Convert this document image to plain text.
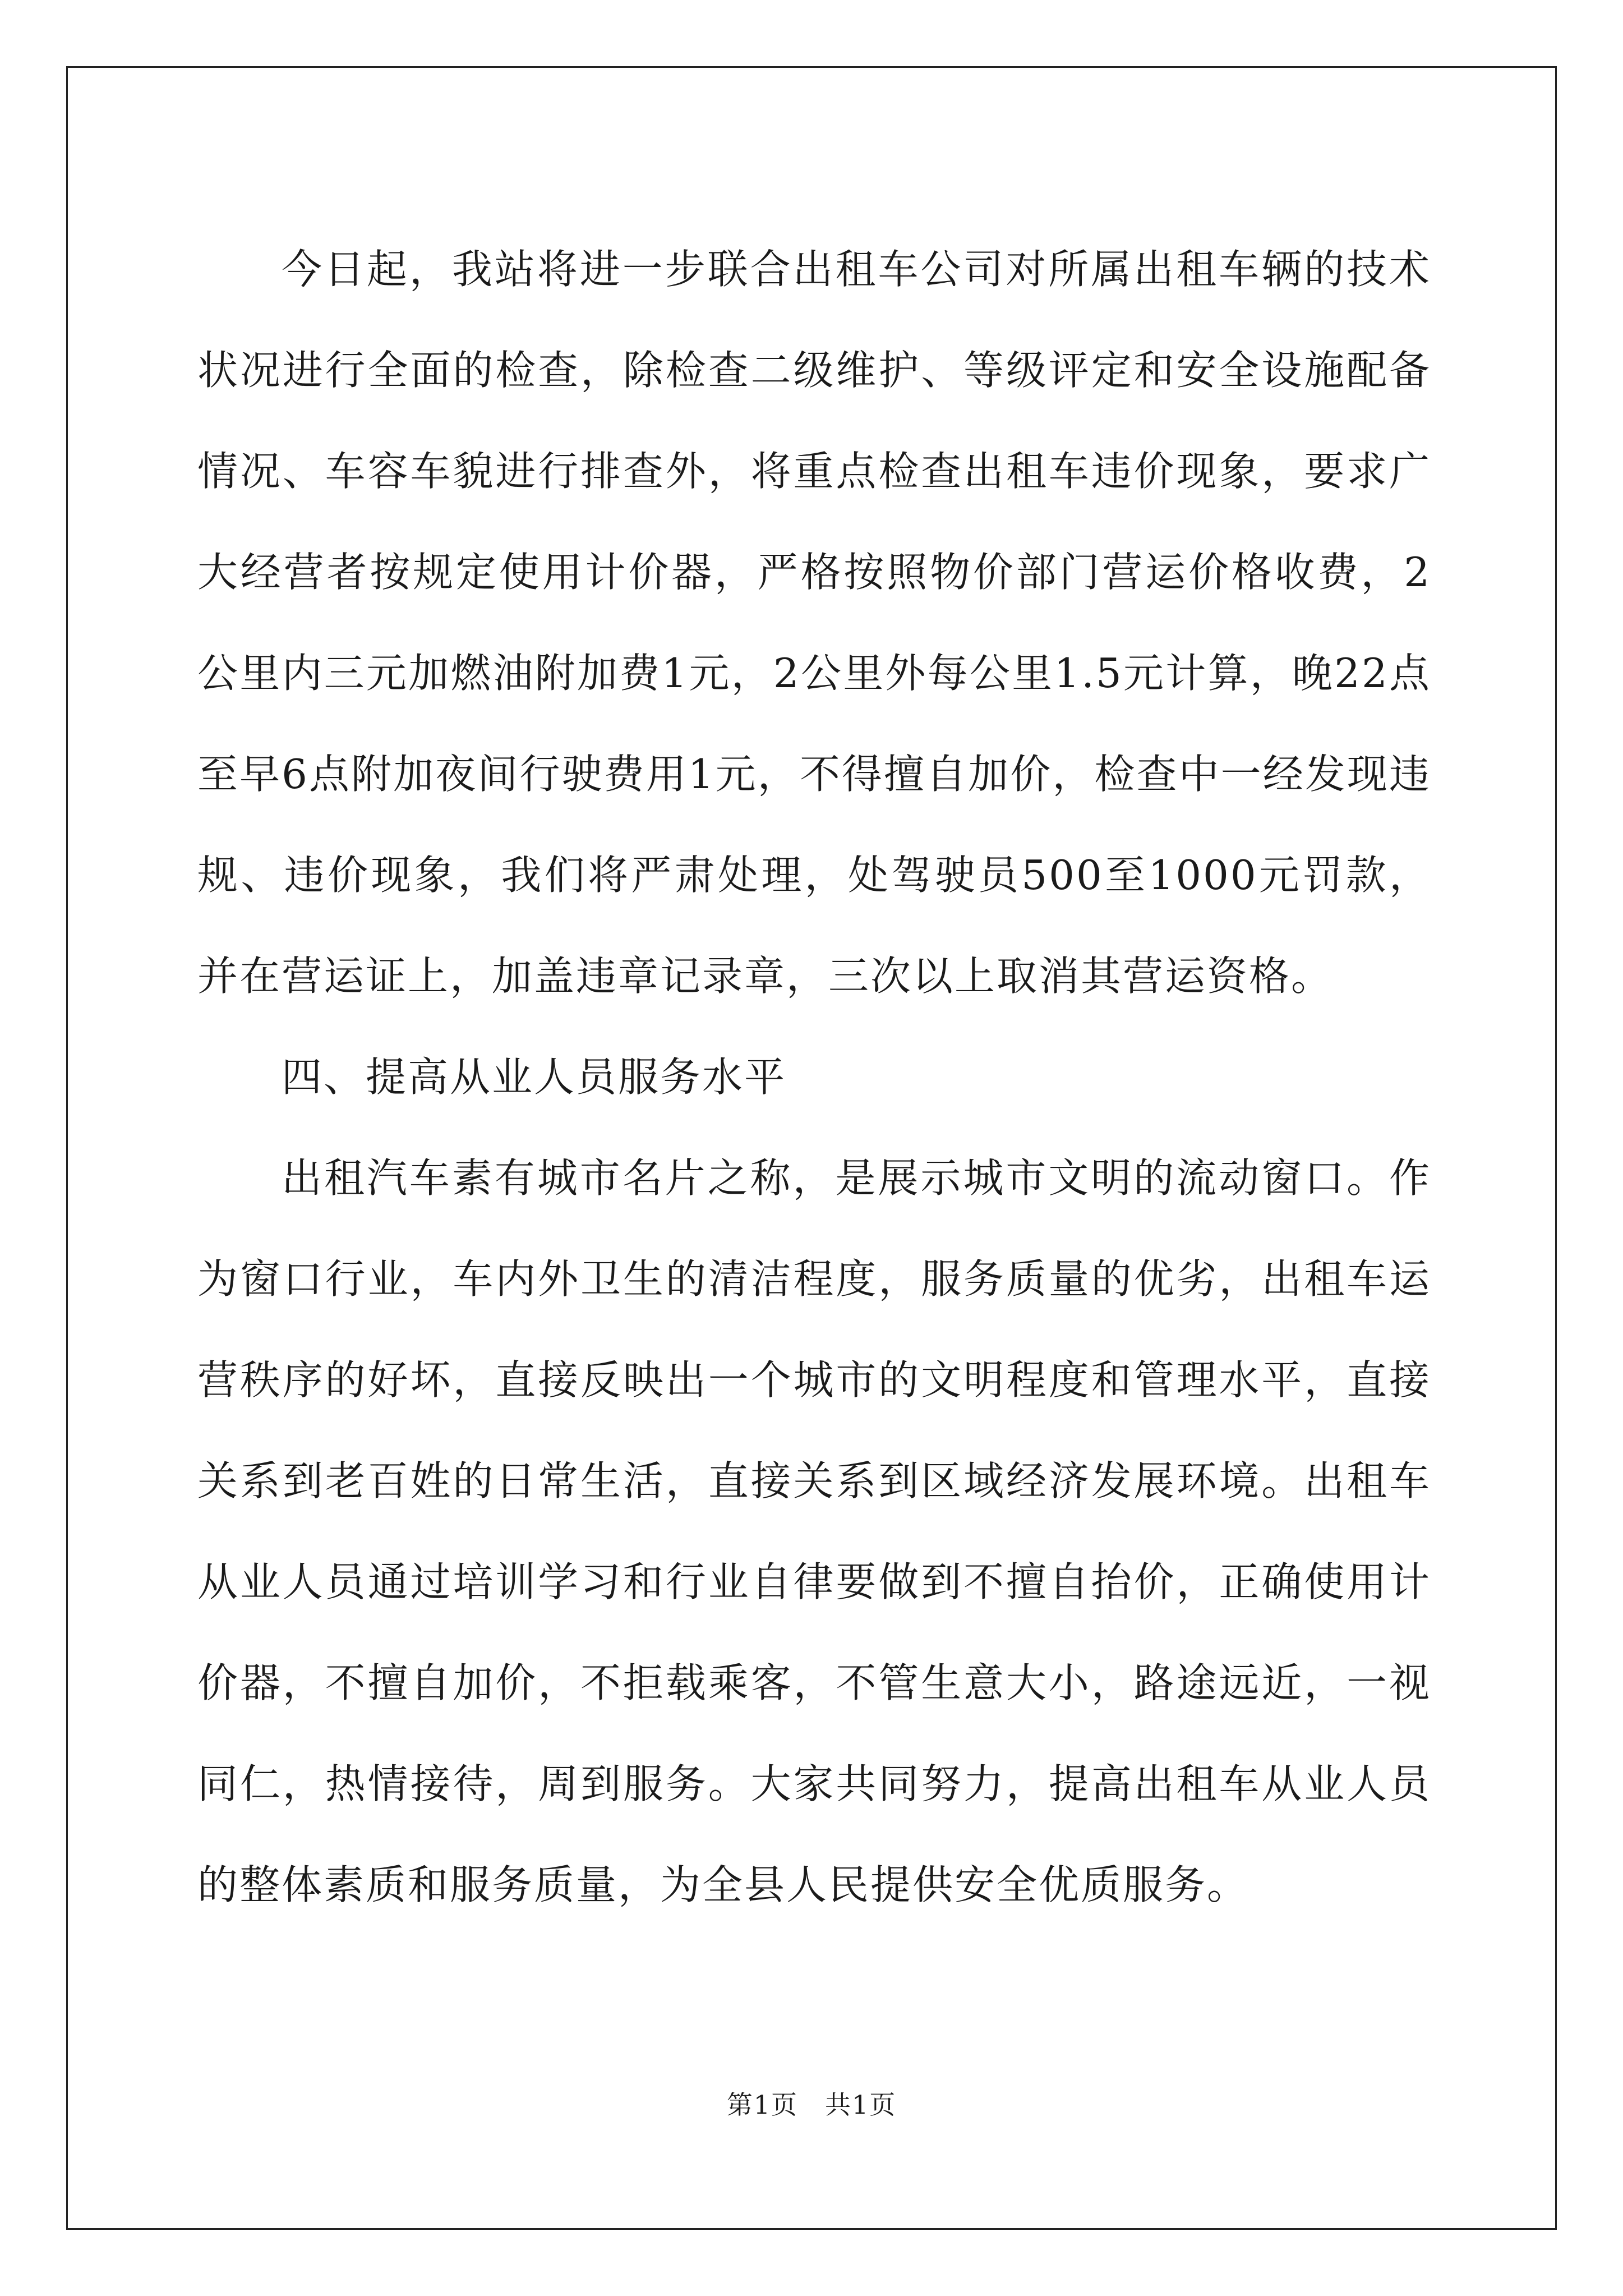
今日起，我站将进一步联合出租车公司对所属出租车辆的技术状况进行全面的检查，除检查二级维护、等级评定和安全设施配备情况、车容车貌进行排查外，将重点检查出租车违价现象，要求广大经营者按规定使用计价器，严格按照物价部门营运价格收费，2公里内三元加燃油附加费1元，2公里外每公里1.5元计算，晚22点至早6点附加夜间行驶费用1元，不得擅自加价，检查中一经发现违规、违价现象，我们将严肃处理，处驾驶员500至1000元罚款，并在营运证上，加盖违章记录章，三次以上取消其营运资格。

四、提高从业人员服务水平

出租汽车素有城市名片之称，是展示城市文明的流动窗口。作为窗口行业，车内外卫生的清洁程度，服务质量的优劣，出租车运营秩序的好坏，直接反映出一个城市的文明程度和管理水平，直接关系到老百姓的日常生活，直接关系到区域经济发展环境。出租车从业人员通过培训学习和行业自律要做到不擅自抬价，正确使用计价器，不擅自加价，不拒载乘客，不管生意大小，路途远近，一视同仁，热情接待，周到服务。大家共同努力，提高出租车从业人员的整体素质和服务质量，为全县人民提供安全优质服务。

第1页　共1页
